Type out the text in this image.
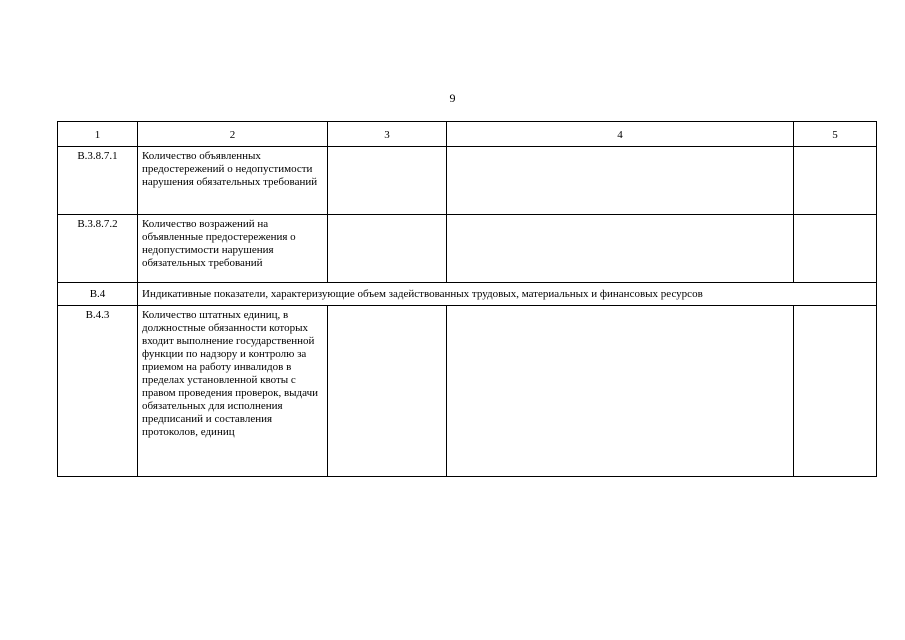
9
1	2	3	4	5
В.3.8.7.1	Количество объявленных предостережений о недопустимости нарушения обязательных требований			
В.3.8.7.2	Количество возражений на объявленные предостережения о недопустимости нарушения обязательных требований			
В.4	Индикативные показатели, характеризующие объем задействованных трудовых, материальных и финансовых ресурсов			
В.4.3	Количество штатных единиц, в должностные обязанности которых входит выполнение государственной функции по надзору и контролю за приемом на работу инвалидов в пределах установленной квоты с правом проведения проверок, выдачи обязательных для исполнения предписаний и составления протоколов, единиц			
